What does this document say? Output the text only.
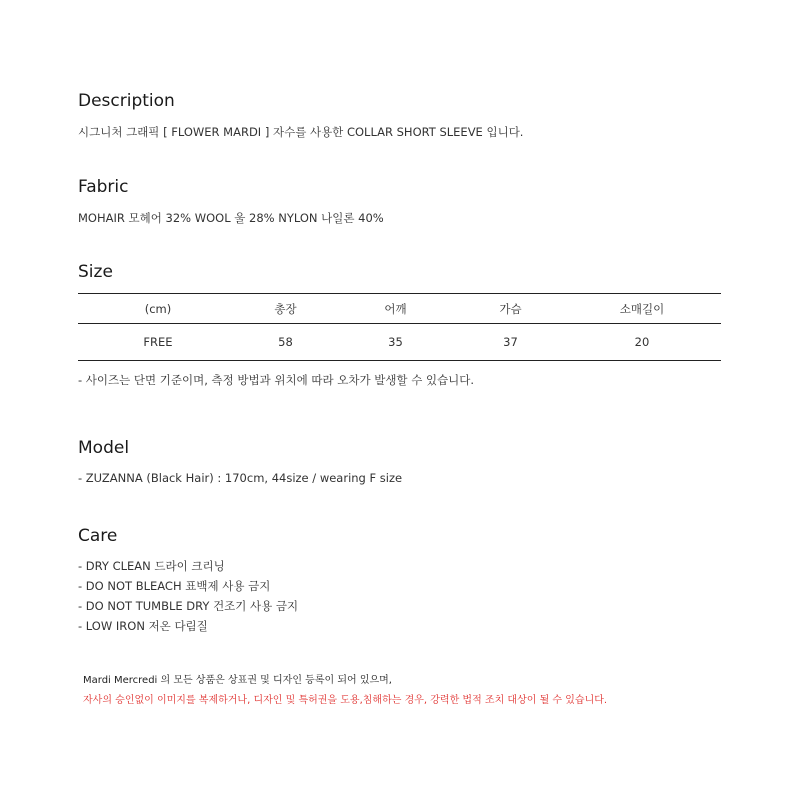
Description

시그니처 그래픽 [ FLOWER MARDI ] 자수를 사용한 COLLAR SHORT SLEEVE 입니다.

Fabric

MOHAIR 모헤어 32% WOOL 울 28% NYLON 나일론 40%

Size
(cm)	총장	어깨	가슴	소매길이
FREE	58	35	37	20

- 사이즈는 단면 기준이며, 측정 방법과 위치에 따라 오차가 발생할 수 있습니다.

Model

- ZUZANNA (Black Hair) : 170cm, 44size / wearing F size

Care

- DRY CLEAN 드라이 크리닝

- DO NOT BLEACH 표백제 사용 금지

- DO NOT TUMBLE DRY 건조기 사용 금지

- LOW IRON 저온 다림질

Mardi Mercredi 의 모든 상품은 상표권 및 디자인 등록이 되어 있으며,

자사의 승인없이 이미지를 복제하거나, 디자인 및 특허권을 도용,침해하는 경우, 강력한 법적 조치 대상이 될 수 있습니다.
